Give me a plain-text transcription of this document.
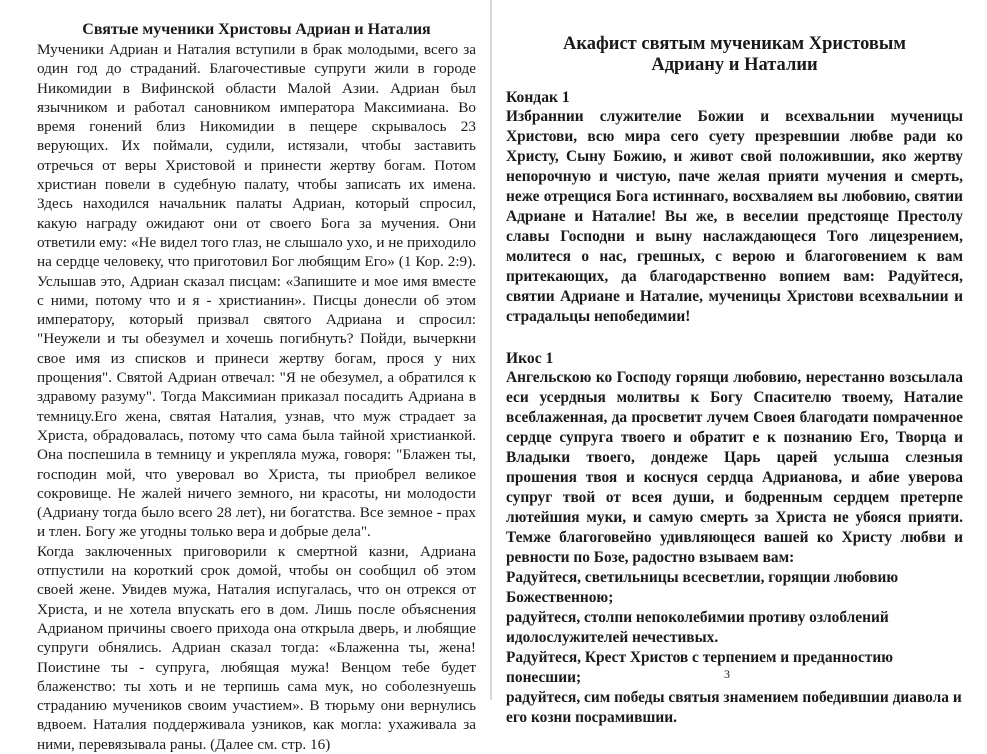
Святые мученики Христовы Адриан и Наталия

Мученики Адриан и Наталия вступили в брак молодыми, всего за один год до страданий. Благочестивые супруги жили в городе Никомидии в Вифинской области Малой Азии. Адриан был язычником и работал сановником императора Максимиана. Во время гонений близ Никомидии в пещере скрывалось 23 верующих. Их поймали, судили, истязали, чтобы заставить отречься от веры Христовой и принести жертву богам. Потом христиан повели в судебную палату, чтобы записать их имена. Здесь находился начальник палаты Адриан, который спросил, какую награду ожидают они от своего Бога за мучения. Они ответили ему: «Не видел того глаз, не слышало ухо, и не приходило на сердце человеку, что приготовил Бог любящим Его» (1 Кор. 2:9). Услышав это, Адриан сказал писцам: «Запишите и мое имя вместе с ними, потому что и я - христианин». Писцы донесли об этом императору, который призвал святого Адриана и спросил: "Неужели и ты обезумел и хочешь погибнуть? Пойди, вычеркни свое имя из списков и принеси жертву богам, прося у них прощения". Святой Адриан отвечал: "Я не обезумел, а обратился к здравому разуму". Тогда Максимиан приказал посадить Адриана в темницу.Его жена, святая Наталия, узнав, что муж страдает за Христа, обрадовалась, потому что сама была тайной христианкой. Она поспешила в темницу и укрепляла мужа, говоря: "Блажен ты, господин мой, что уверовал во Христа, ты приобрел великое сокровище. Не жалей ничего земного, ни красоты, ни молодости (Адриану тогда было всего 28 лет), ни богатства. Все земное - прах и тлен. Богу же угодны только вера и добрые дела".

Когда заключенных приговорили к смертной казни, Адриана отпустили на короткий срок домой, чтобы он сообщил об этом своей жене. Увидев мужа, Наталия испугалась, что он отрекся от Христа, и не хотела впускать его в дом. Лишь после объяснения Адрианом причины своего прихода она открыла дверь, и любящие супруги обнялись. Адриан сказал тогда: «Блаженна ты, жена! Поистине ты - супруга, любящая мужа! Венцом тебе будет блаженство: ты хоть и не терпишь сама мук, но соболезнуешь страданию мучеников своим участием». В тюрьму они вернулись вдвоем. Наталия поддерживала узников, как могла: ухаживала за ними, перевязывала раны. (Далее см. стр. 16)

Акафист святым мученикам Христовым
Адриану и Наталии

Кондак 1

Избраннии служителие Божии и всехвальнии мученицы Христови, всю мира сего суету презревшии любве ради ко Христу, Сыну Божию, и живот свой положившии, яко жертву непорочную и чистую, паче желая прияти мучения и смерть, неже отрещися Бога истиннаго, восхваляем вы любовию, святии Адриане и Наталие! Вы же, в веселии предстояще Престолу славы Господни и выну наслаждающеся Того лицезрением, молитеся о нас, грешных, с верою и благоговением к вам притекающих, да благодарственно вопием вам: Радуйтеся, святии Адриане и Наталие, мученицы Христови всехвальнии и страдальцы непобедимии!

Икос 1

Ангельскою ко Господу горящи любовию, нерестанно возсылала еси усердныя молитвы к Богу Спасителю твоему, Наталие всеблаженная, да просветит лучем Своея благодати помраченное сердце супруга твоего и обратит е к познанию Его, Творца и Владыки твоего, дондеже Царь царей услыша слезныя прошения твоя и коснуся сердца Адрианова, и абие уверова супруг твой от всея души, и бодренным сердцем претерпе лютейшия муки, и самую смерть за Христа не убояся прияти. Темже благоговейно удивляющеся вашей ко Христу любви и ревности по Бозе, радостно взываем вам:

Радуйтеся, светильницы всесветлии, горящии любовию Божественною;

радуйтеся, столпи непоколебимии противу озлоблений идолослужителей нечестивых.

Радуйтеся, Крест Христов с терпением и преданностию понесшии;

радуйтеся, сим победы святыя знамением победившии диавола и его козни посрамившии.

3
